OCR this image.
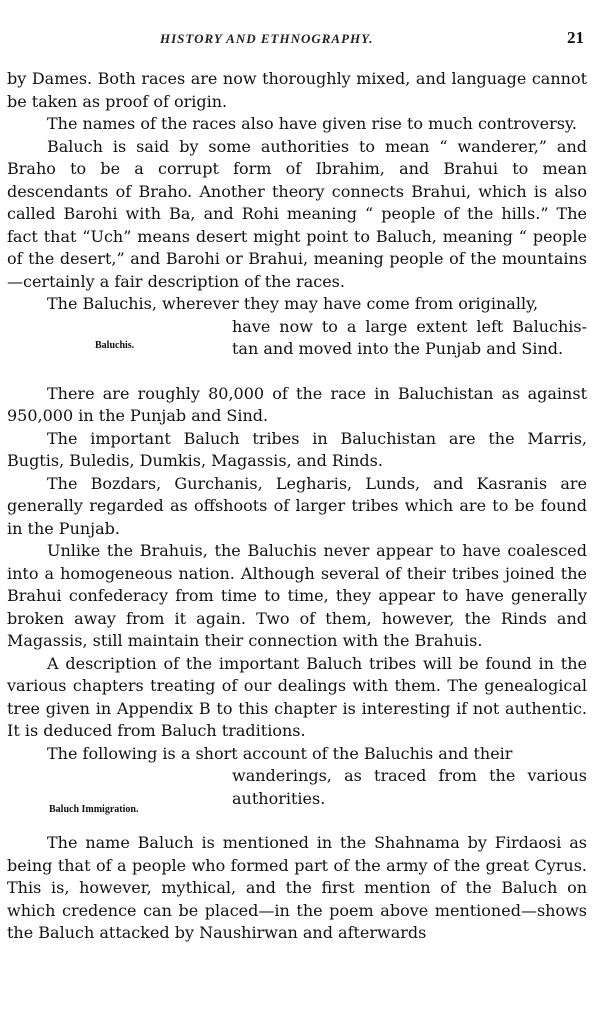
HISTORY AND ETHNOGRAPHY.	21

by Dames. Both races are now thoroughly mixed, and language cannot be taken as proof of origin.

The names of the races also have given rise to much controversy.

Baluch is said by some authorities to mean “ wanderer,” and Braho to be a corrupt form of Ibrahim, and Brahui to mean descendants of Braho. Another theory connects Brahui, which is also called Barohi with Ba, and Rohi meaning “ people of the hills.” The fact that “Uch” means desert might point to Baluch, meaning “ people of the desert,” and Barohi or Brahui, meaning people of the mountains—certainly a fair description of the races.

The Baluchis, wherever they may have come from originally,

Baluchis.
have now to a large extent left Baluchis-
tan and moved into the Punjab and Sind.

There are roughly 80,000 of the race in Baluchistan as against 950,000 in the Punjab and Sind.

The important Baluch tribes in Baluchistan are the Marris, Bugtis, Buledis, Dumkis, Magassis, and Rinds.

The Bozdars, Gurchanis, Legharis, Lunds, and Kasranis are generally regarded as offshoots of larger tribes which are to be found in the Punjab.

Unlike the Brahuis, the Baluchis never appear to have coalesced into a homogeneous nation. Although several of their tribes joined the Brahui confederacy from time to time, they appear to have generally broken away from it again. Two of them, however, the Rinds and Magassis, still maintain their connection with the Brahuis.

A description of the important Baluch tribes will be found in the various chapters treating of our dealings with them. The genealogical tree given in Appendix B to this chapter is interesting if not authentic. It is deduced from Baluch traditions.

The following is a short account of the Baluchis and their

Baluch Immigration.
wanderings, as traced from the various
authorities.

The name Baluch is mentioned in the Shahnama by Firdaosi as being that of a people who formed part of the army of the great Cyrus. This is, however, mythical, and the first mention of the Baluch on which credence can be placed—in the poem above mentioned—shows the Baluch attacked by Naushirwan and afterwards
